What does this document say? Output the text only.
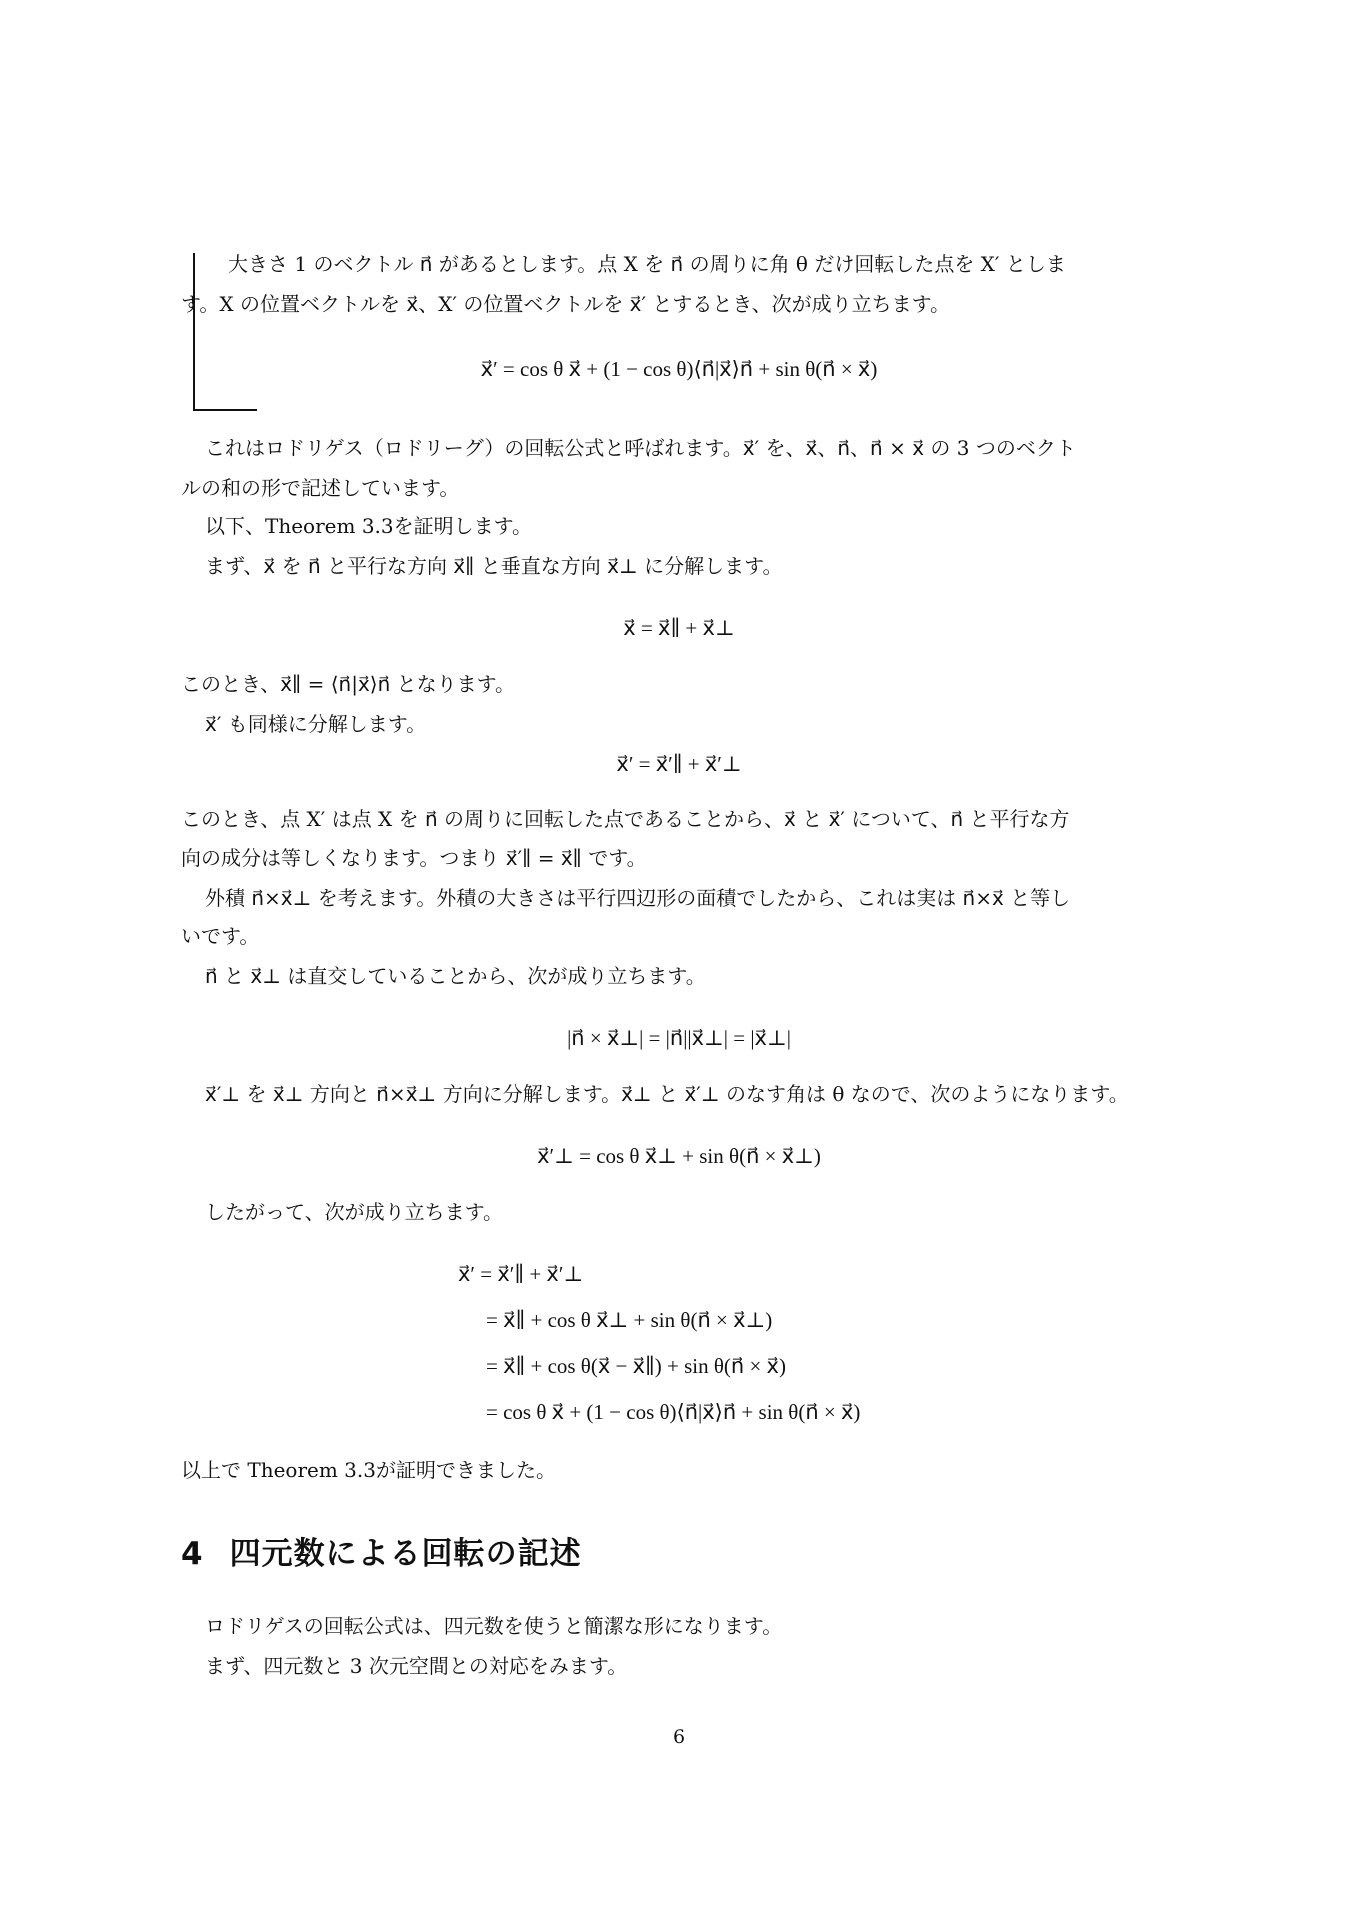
大きさ 1 のベクトル n⃗ があるとします。点 X を n⃗ の周りに角 θ だけ回転した点を X′ としま
す。X の位置ベクトルを x⃗、X′ の位置ベクトルを x⃗′ とするとき、次が成り立ちます。
x⃗′ = cos θ x⃗ + (1 − cos θ)⟨n⃗|x⃗⟩n⃗ + sin θ(n⃗ × x⃗)
これはロドリゲス（ロドリーグ）の回転公式と呼ばれます。x⃗′ を、x⃗、n⃗、n⃗ × x⃗ の 3 つのベクト
ルの和の形で記述しています。
以下、Theorem 3.3を証明します。
まず、x⃗ を n⃗ と平行な方向 x⃗∥ と垂直な方向 x⃗⊥ に分解します。
x⃗ = x⃗∥ + x⃗⊥
このとき、x⃗∥ = ⟨n⃗|x⃗⟩n⃗ となります。
x⃗′ も同様に分解します。
x⃗′ = x⃗′∥ + x⃗′⊥
このとき、点 X′ は点 X を n⃗ の周りに回転した点であることから、x⃗ と x⃗′ について、n⃗ と平行な方
向の成分は等しくなります。つまり x⃗′∥ = x⃗∥ です。
外積 n⃗×x⃗⊥ を考えます。外積の大きさは平行四辺形の面積でしたから、これは実は n⃗×x⃗ と等し
いです。
n⃗ と x⃗⊥ は直交していることから、次が成り立ちます。
|n⃗ × x⃗⊥| = |n⃗||x⃗⊥| = |x⃗⊥|
x⃗′⊥ を x⃗⊥ 方向と n⃗×x⃗⊥ 方向に分解します。x⃗⊥ と x⃗′⊥ のなす角は θ なので、次のようになります。
x⃗′⊥ = cos θ x⃗⊥ + sin θ(n⃗ × x⃗⊥)
したがって、次が成り立ちます。
x⃗′ = x⃗′∥ + x⃗′⊥
= x⃗∥ + cos θ x⃗⊥ + sin θ(n⃗ × x⃗⊥)
= x⃗∥ + cos θ(x⃗ − x⃗∥) + sin θ(n⃗ × x⃗)
= cos θ x⃗ + (1 − cos θ)⟨n⃗|x⃗⟩n⃗ + sin θ(n⃗ × x⃗)
以上で Theorem 3.3が証明できました。
4 四元数による回転の記述
ロドリゲスの回転公式は、四元数を使うと簡潔な形になります。
まず、四元数と 3 次元空間との対応をみます。
6
